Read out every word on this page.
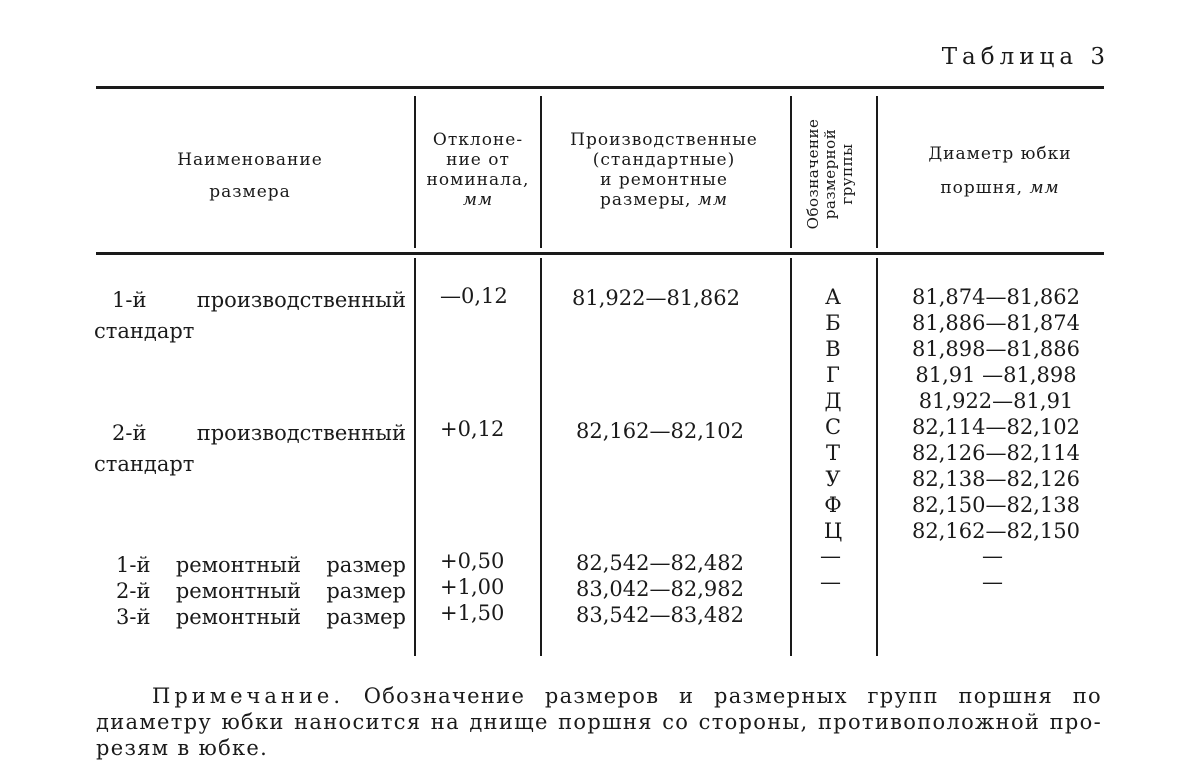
Таблица 3
Наименование
размера
Отклоне-
ние от
номинала,
мм
Производственные
(стандартные)
и ремонтные
размеры, мм	Обозначение размерной группы	Диаметр юбки
поршня, мм
1-й производственный
стандарт
2-й производственный
стандарт
1-й ремонтный размер
2-й ремонтный размер
3-й ремонтный размер
—0,12
+0,12
+0,50
+1,00
+1,50
81,922—81,862
82,162—82,102
82,542—82,482
83,042—82,982
83,542—83,482
А
Б
В
Г
Д
С
Т
У
Ф
Ц
81,874—81,862
81,886—81,874
81,898—81,886
81,91 —81,898
81,922—81,91
82,114—82,102
82,126—82,114
82,138—82,126
82,150—82,138
82,162—82,150
—
—
—
—
Примечание. Обозначение размеров и размерных групп поршня по
диаметру юбки наносится на днище поршня со стороны, противоположной про-
резям в юбке.
